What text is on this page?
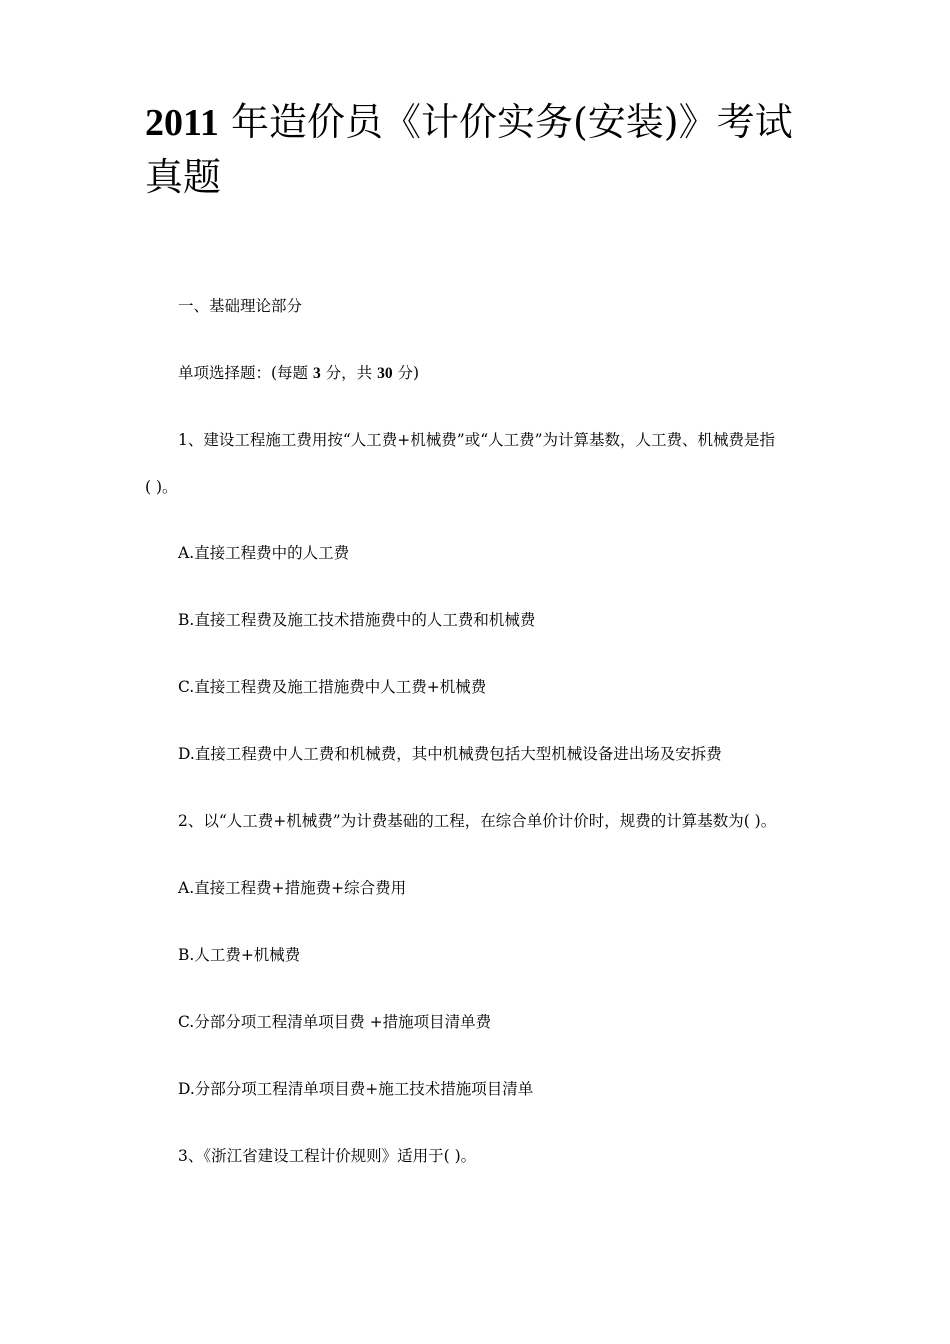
2011 年造价员《计价实务(安装)》考试真题
一、基础理论部分
单项选择题：(每题 3 分，共 30 分)
1、建设工程施工费用按“人工费+机械费”或“人工费”为计算基数，人工费、机械费是指
( )。
A.直接工程费中的人工费
B.直接工程费及施工技术措施费中的人工费和机械费
C.直接工程费及施工措施费中人工费+机械费
D.直接工程费中人工费和机械费，其中机械费包括大型机械设备进出场及安拆费
2、以“人工费+机械费”为计费基础的工程，在综合单价计价时，规费的计算基数为( )。
A.直接工程费+措施费+综合费用
B.人工费+机械费
C.分部分项工程清单项目费 +措施项目清单费
D.分部分项工程清单项目费+施工技术措施项目清单
3、《浙江省建设工程计价规则》适用于( )。
